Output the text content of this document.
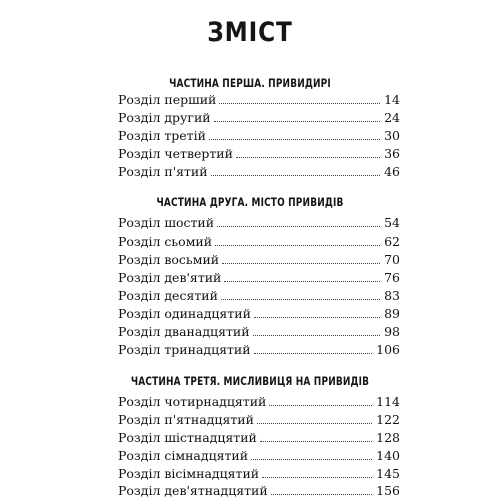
ЗМІСТ
ЧАСТИНА ПЕРША. ПРИВИДИРІ
Розділ перший	14
Розділ другий	24
Розділ третій	30
Розділ четвертий	36
Розділ п'ятий	46
ЧАСТИНА ДРУГА. МІСТО ПРИВИДІВ
Розділ шостий	54
Розділ сьомий	62
Розділ восьмий	70
Розділ дев'ятий	76
Розділ десятий	83
Розділ одинадцятий	89
Розділ дванадцятий	98
Розділ тринадцятий	106
ЧАСТИНА ТРЕТЯ. МИСЛИВИЦЯ НА ПРИВИДІВ
Розділ чотирнадцятий	114
Розділ п'ятнадцятий	122
Розділ шістнадцятий	128
Розділ сімнадцятий	140
Розділ вісімнадцятий	145
Розділ дев'ятнадцятий	156
